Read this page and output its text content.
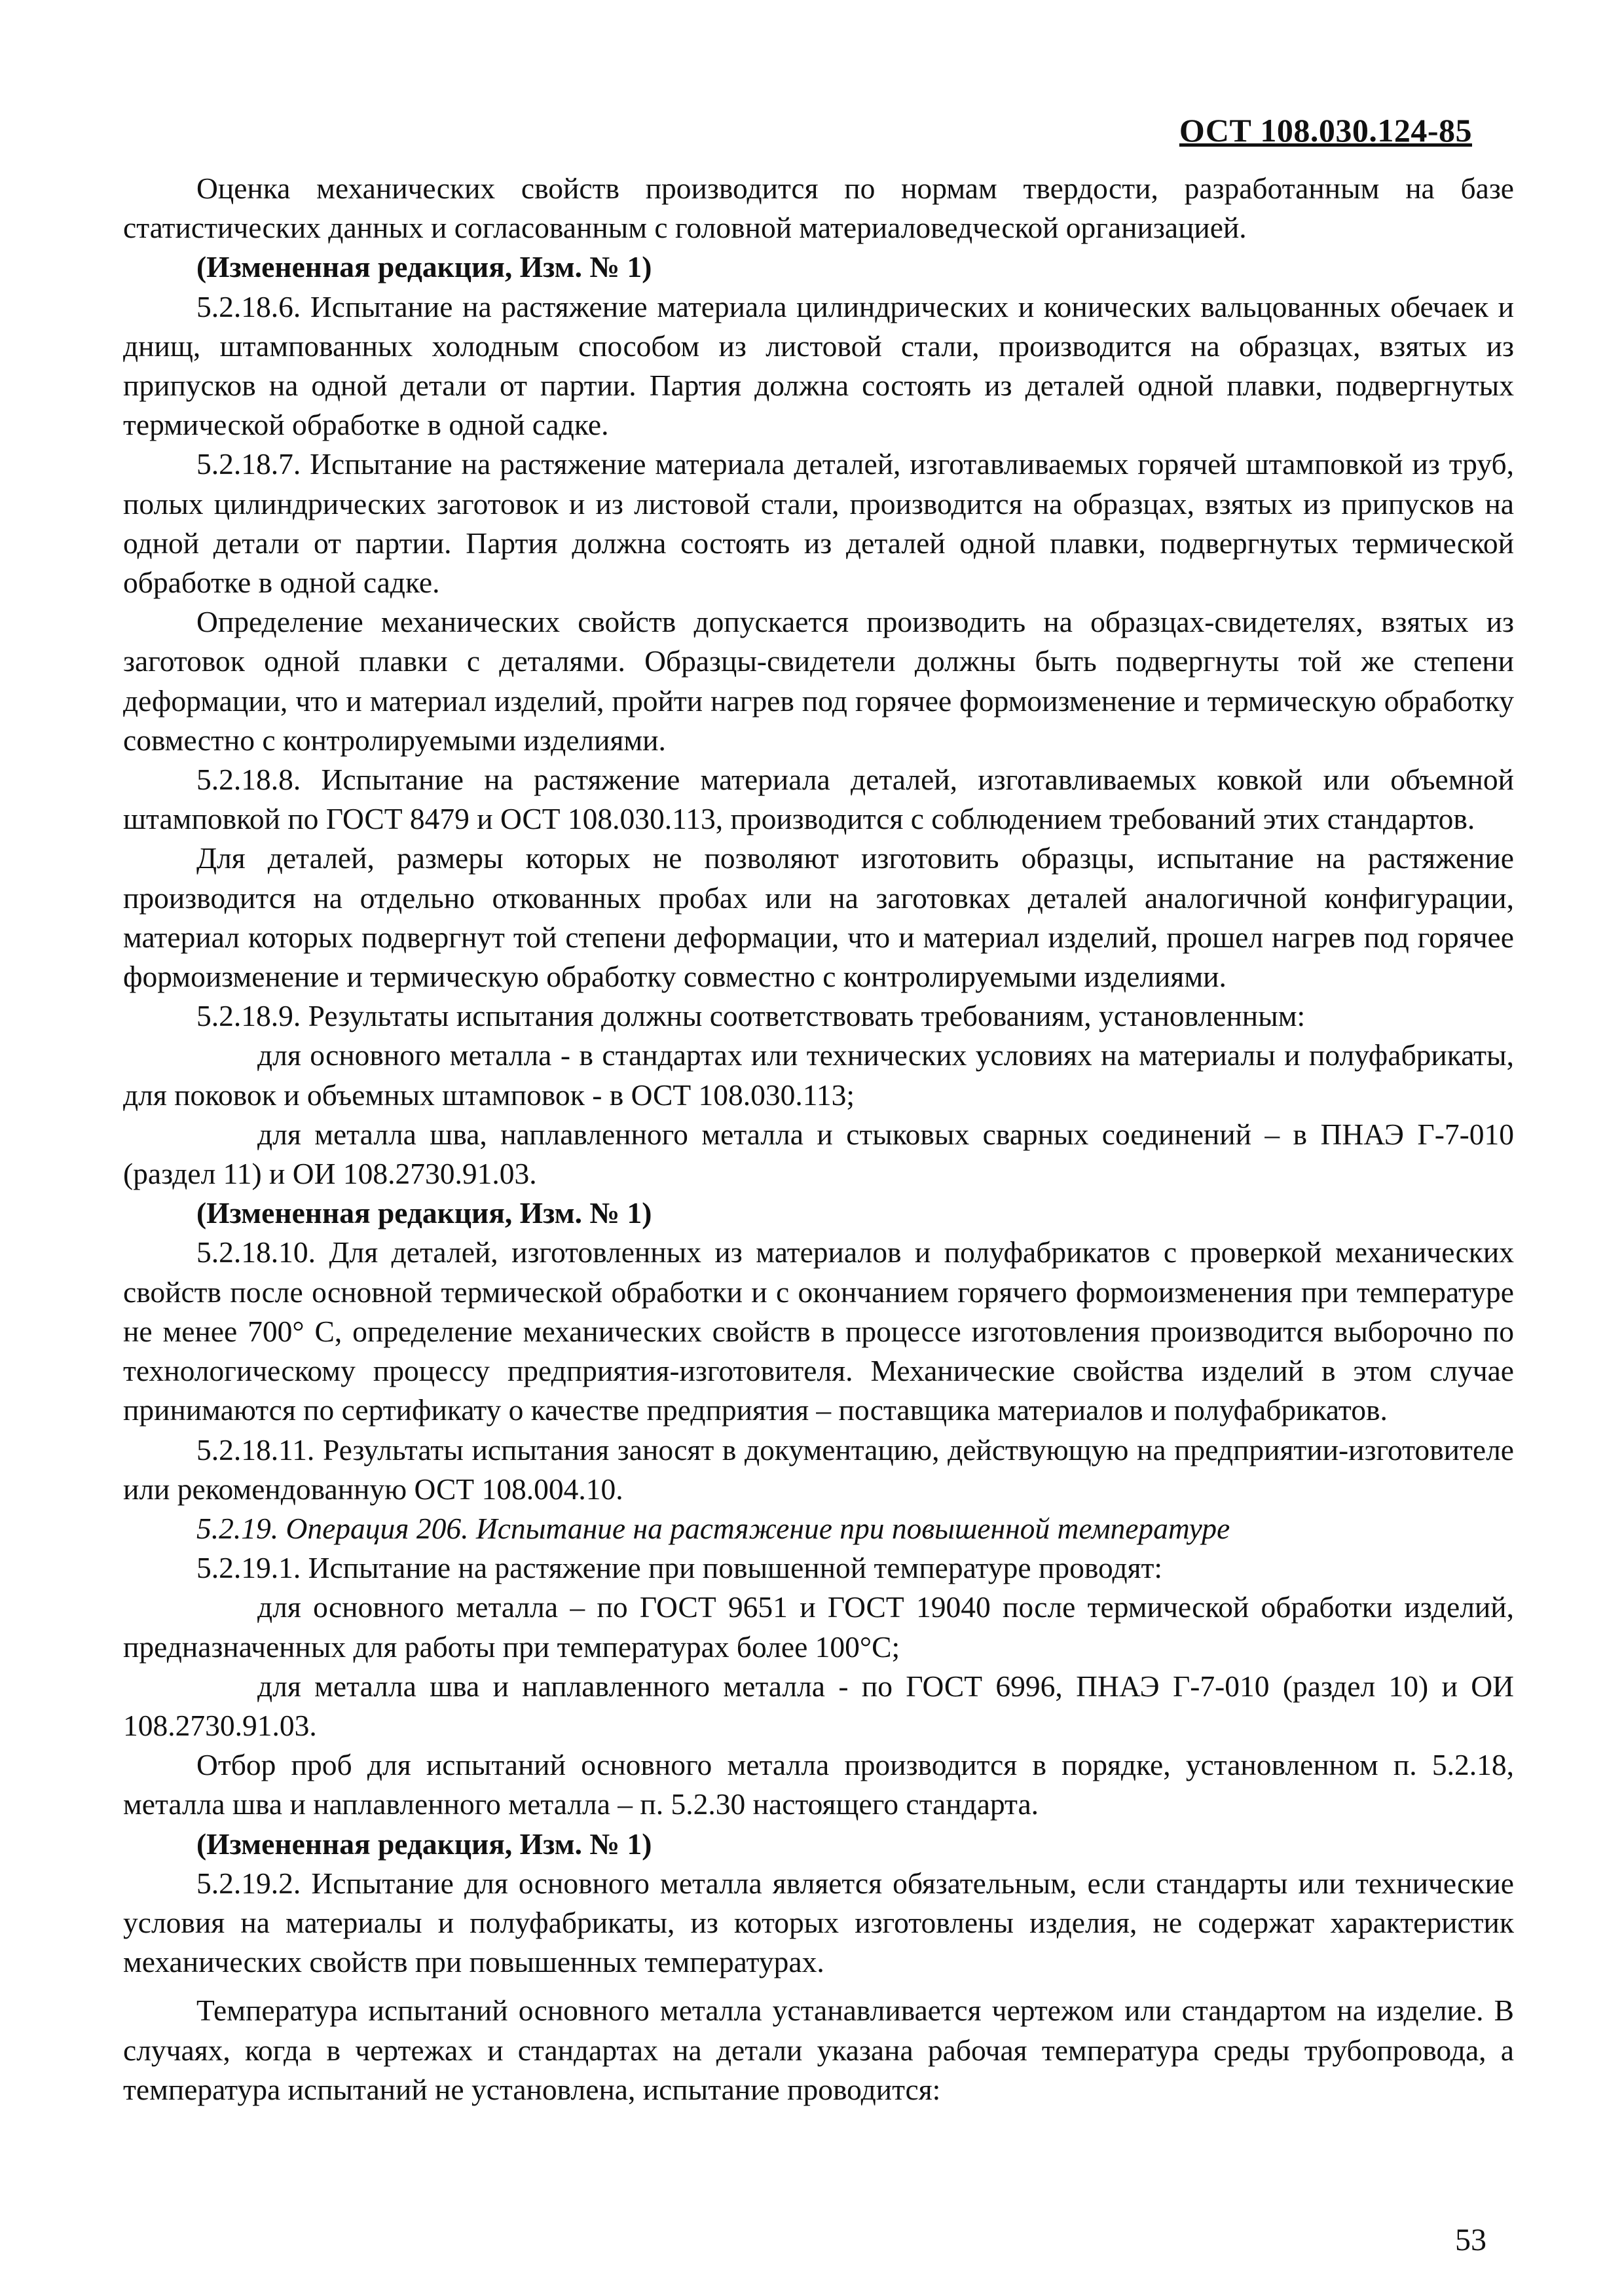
ОСТ 108.030.124-85

Оценка механических свойств производится по нормам твердости, разработанным на базе статистических данных и согласованным с головной материаловедческой организацией.

(Измененная редакция, Изм. № 1)

5.2.18.6. Испытание на растяжение материала цилиндрических и конических вальцованных обечаек и днищ, штампованных холодным способом из листовой стали, производится на образцах, взятых из припусков на одной детали от партии. Партия должна состоять из деталей одной плавки, подвергнутых термической обработке в одной садке.

5.2.18.7. Испытание на растяжение материала деталей, изготавливаемых горячей штамповкой из труб, полых цилиндрических заготовок и из листовой стали, производится на образцах, взятых из припусков на одной детали от партии. Партия должна состоять из деталей одной плавки, подвергнутых термической обработке в одной садке.

Определение механических свойств допускается производить на образцах-свидетелях, взятых из заготовок одной плавки с деталями. Образцы-свидетели должны быть подвергнуты той же степени деформации, что и материал изделий, пройти нагрев под горячее формоизменение и термическую обработку совместно с контролируемыми изделиями.

5.2.18.8. Испытание на растяжение материала деталей, изготавливаемых ковкой или объемной штамповкой по ГОСТ 8479 и ОСТ 108.030.113, производится с соблюдением требований этих стандартов.

Для деталей, размеры которых не позволяют изготовить образцы, испытание на растяжение производится на отдельно откованных пробах или на заготовках деталей аналогичной конфигурации, материал которых подвергнут той степени деформации, что и материал изделий, прошел нагрев под горячее формоизменение и термическую обработку совместно с контролируемыми изделиями.

5.2.18.9. Результаты испытания должны соответствовать требованиям, установленным:

для основного металла - в стандартах или технических условиях на материалы и полуфабрикаты, для поковок и объемных штамповок - в ОСТ 108.030.113;

для металла шва, наплавленного металла и стыковых сварных соединений – в ПНАЭ Г-7-010 (раздел 11) и ОИ 108.2730.91.03.

(Измененная редакция, Изм. № 1)

5.2.18.10. Для деталей, изготовленных из материалов и полуфабрикатов с проверкой механических свойств после основной термической обработки и с окончанием горячего формоизменения при температуре не менее 700° С, определение механических свойств в процессе изготовления производится выборочно по технологическому процессу предприятия-изготовителя. Механические свойства изделий в этом случае принимаются по сертификату о качестве предприятия – поставщика материалов и полуфабрикатов.

5.2.18.11. Результаты испытания заносят в документацию, действующую на предприятии-изготовителе или рекомендованную ОСТ 108.004.10.

5.2.19. Операция 206. Испытание на растяжение при повышенной температуре

5.2.19.1. Испытание на растяжение при повышенной температуре проводят:

для основного металла – по ГОСТ 9651 и ГОСТ 19040 после термической обработки изделий, предназначенных для работы при температурах более 100°С;

для металла шва и наплавленного металла - по ГОСТ 6996, ПНАЭ Г-7-010 (раздел 10) и ОИ 108.2730.91.03.

Отбор проб для испытаний основного металла производится в порядке, установленном п. 5.2.18, металла шва и наплавленного металла – п. 5.2.30 настоящего стандарта.

(Измененная редакция, Изм. № 1)

5.2.19.2. Испытание для основного металла является обязательным, если стандарты или технические условия на материалы и полуфабрикаты, из которых изготовлены изделия, не содержат характеристик механических свойств при повышенных температурах.

Температура испытаний основного металла устанавливается чертежом или стандартом на изделие. В случаях, когда в чертежах и стандартах на детали указана рабочая температура среды трубопровода, а температура испытаний не установлена, испытание проводится:

53
